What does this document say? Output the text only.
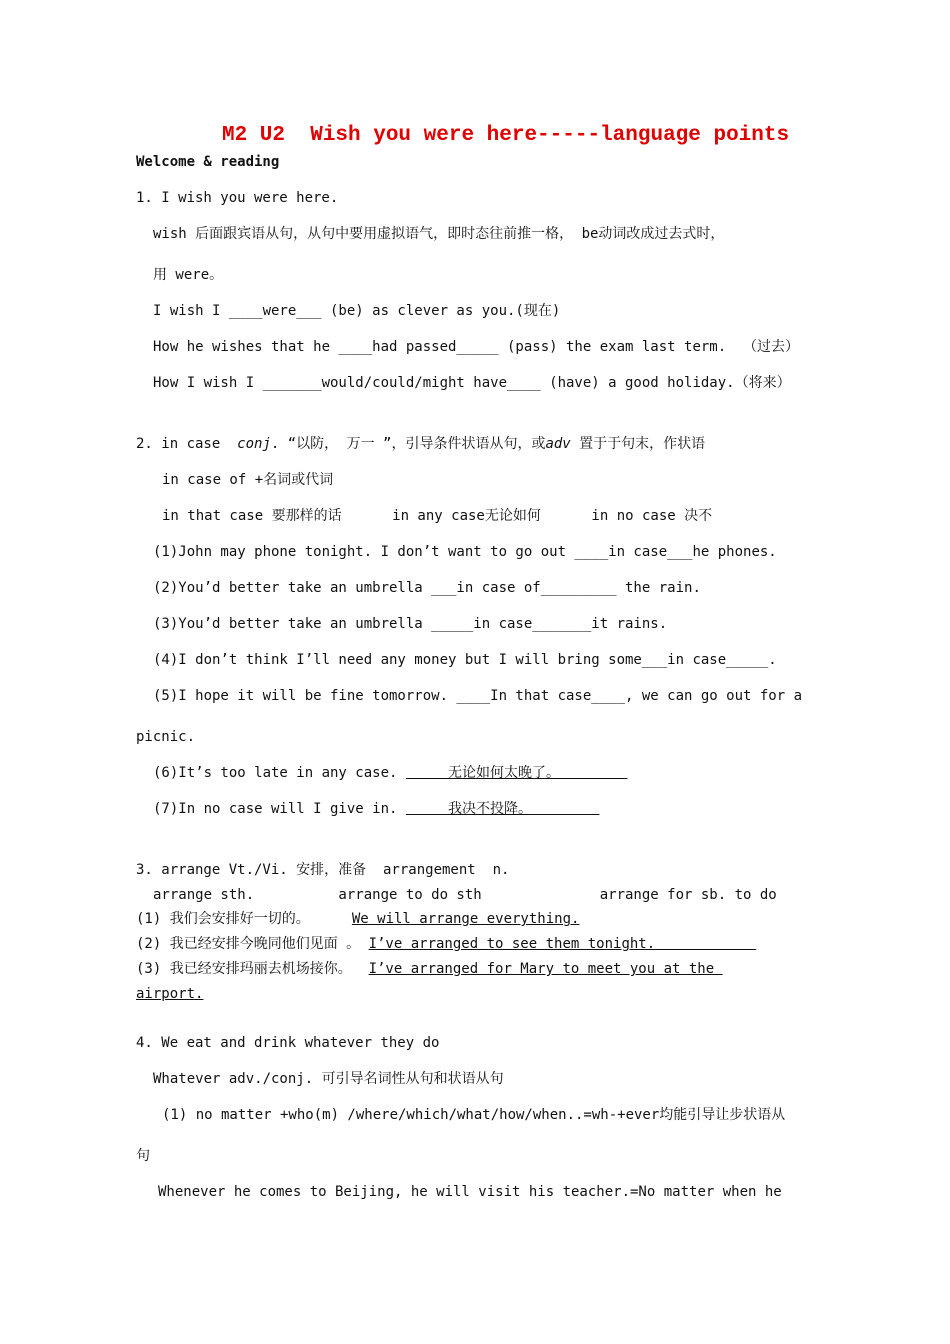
M2 U2  Wish you were here-----language points
Welcome & reading
1. I wish you were here.
wish 后面跟宾语从句，从句中要用虚拟语气，即时态往前推一格， be动词改成过去式时，
用 were。
I wish I ____were___ (be) as clever as you.(现在)
How he wishes that he ____had passed_____ (pass) the exam last term.  （过去）
How I wish I _______would/could/might have____ (have) a good holiday.（将来）
2. in case  conj. “以防， 万一 ”，引导条件状语从句，或adv 置于于句末，作状语
in case of +名词或代词
in that case 要那样的话      in any case无论如何      in no case 决不
(1)John may phone tonight. I don’t want to go out ____in case___he phones.
(2)You’d better take an umbrella ___in case of_________ the rain.
(3)You’d better take an umbrella _____in case_______it rains.
(4)I don’t think I’ll need any money but I will bring some___in case_____.
(5)I hope it will be fine tomorrow. ____In that case____, we can go out for a
picnic.
(6)It’s too late in any case.      无论如何太晚了。
(7)In no case will I give in.      我决不投降。
3. arrange Vt./Vi. 安排，准备  arrangement  n.
arrange sth.          arrange to do sth              arrange for sb. to do
(1) 我们会安排好一切的。     We will arrange everything.
(2) 我已经安排今晚同他们见面 。 I’ve arranged to see them tonight.
(3) 我已经安排玛丽去机场接你。  I’ve arranged for Mary to meet you at the
airport.
4. We eat and drink whatever they do
Whatever adv./conj. 可引导名词性从句和状语从句
(1) no matter +who(m) /where/which/what/how/when..=wh-+ever均能引导让步状语从
句
Whenever he comes to Beijing, he will visit his teacher.=No matter when he
